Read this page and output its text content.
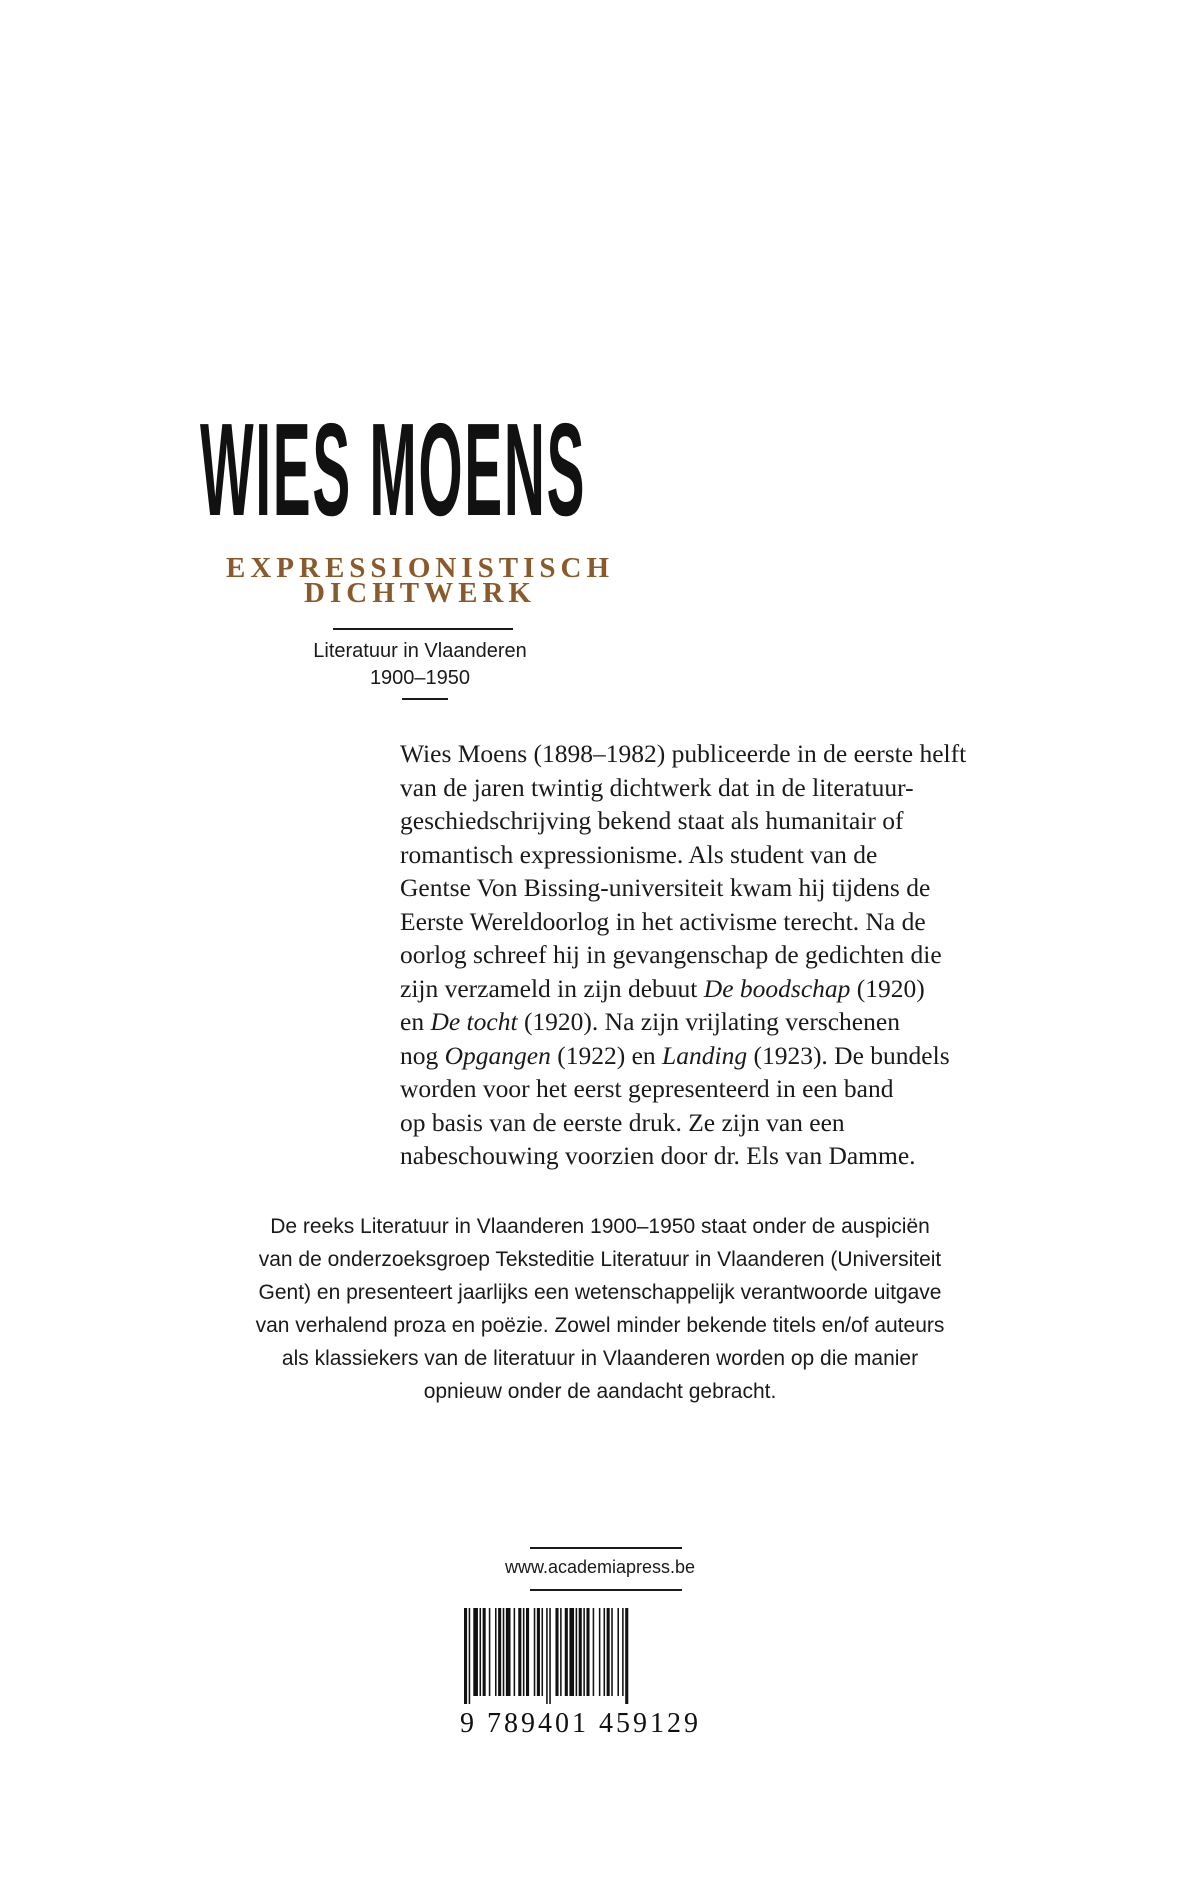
WIES MOENS
EXPRESSIONISTISCH
DICHTWERK
Literatuur in Vlaanderen
1900–1950

Wies Moens (1898–1982) publiceerde in de eerste helft
van de jaren twintig dichtwerk dat in de literatuur-
geschiedschrijving bekend staat als humanitair of
romantisch expressionisme. Als student van de
Gentse Von Bissing-universiteit kwam hij tijdens de
Eerste Wereldoorlog in het activisme terecht. Na de
oorlog schreef hij in gevangenschap de gedichten die
zijn verzameld in zijn debuut De boodschap (1920)
en De tocht (1920). Na zijn vrijlating verschenen
nog Opgangen (1922) en Landing (1923). De bundels
worden voor het eerst gepresenteerd in een band
op basis van de eerste druk. Ze zijn van een
nabeschouwing voorzien door dr. Els van Damme.

De reeks Literatuur in Vlaanderen 1900–1950 staat onder de auspiciën
van de onderzoeksgroep Teksteditie Literatuur in Vlaanderen (Universiteit
Gent) en presenteert jaarlijks een wetenschappelijk verantwoorde uitgave
van verhalend proza en poëzie. Zowel minder bekende titels en/of auteurs
als klassiekers van de literatuur in Vlaanderen worden op die manier
opnieuw onder de aandacht gebracht.

www.academiapress.be
9 789401 459129
